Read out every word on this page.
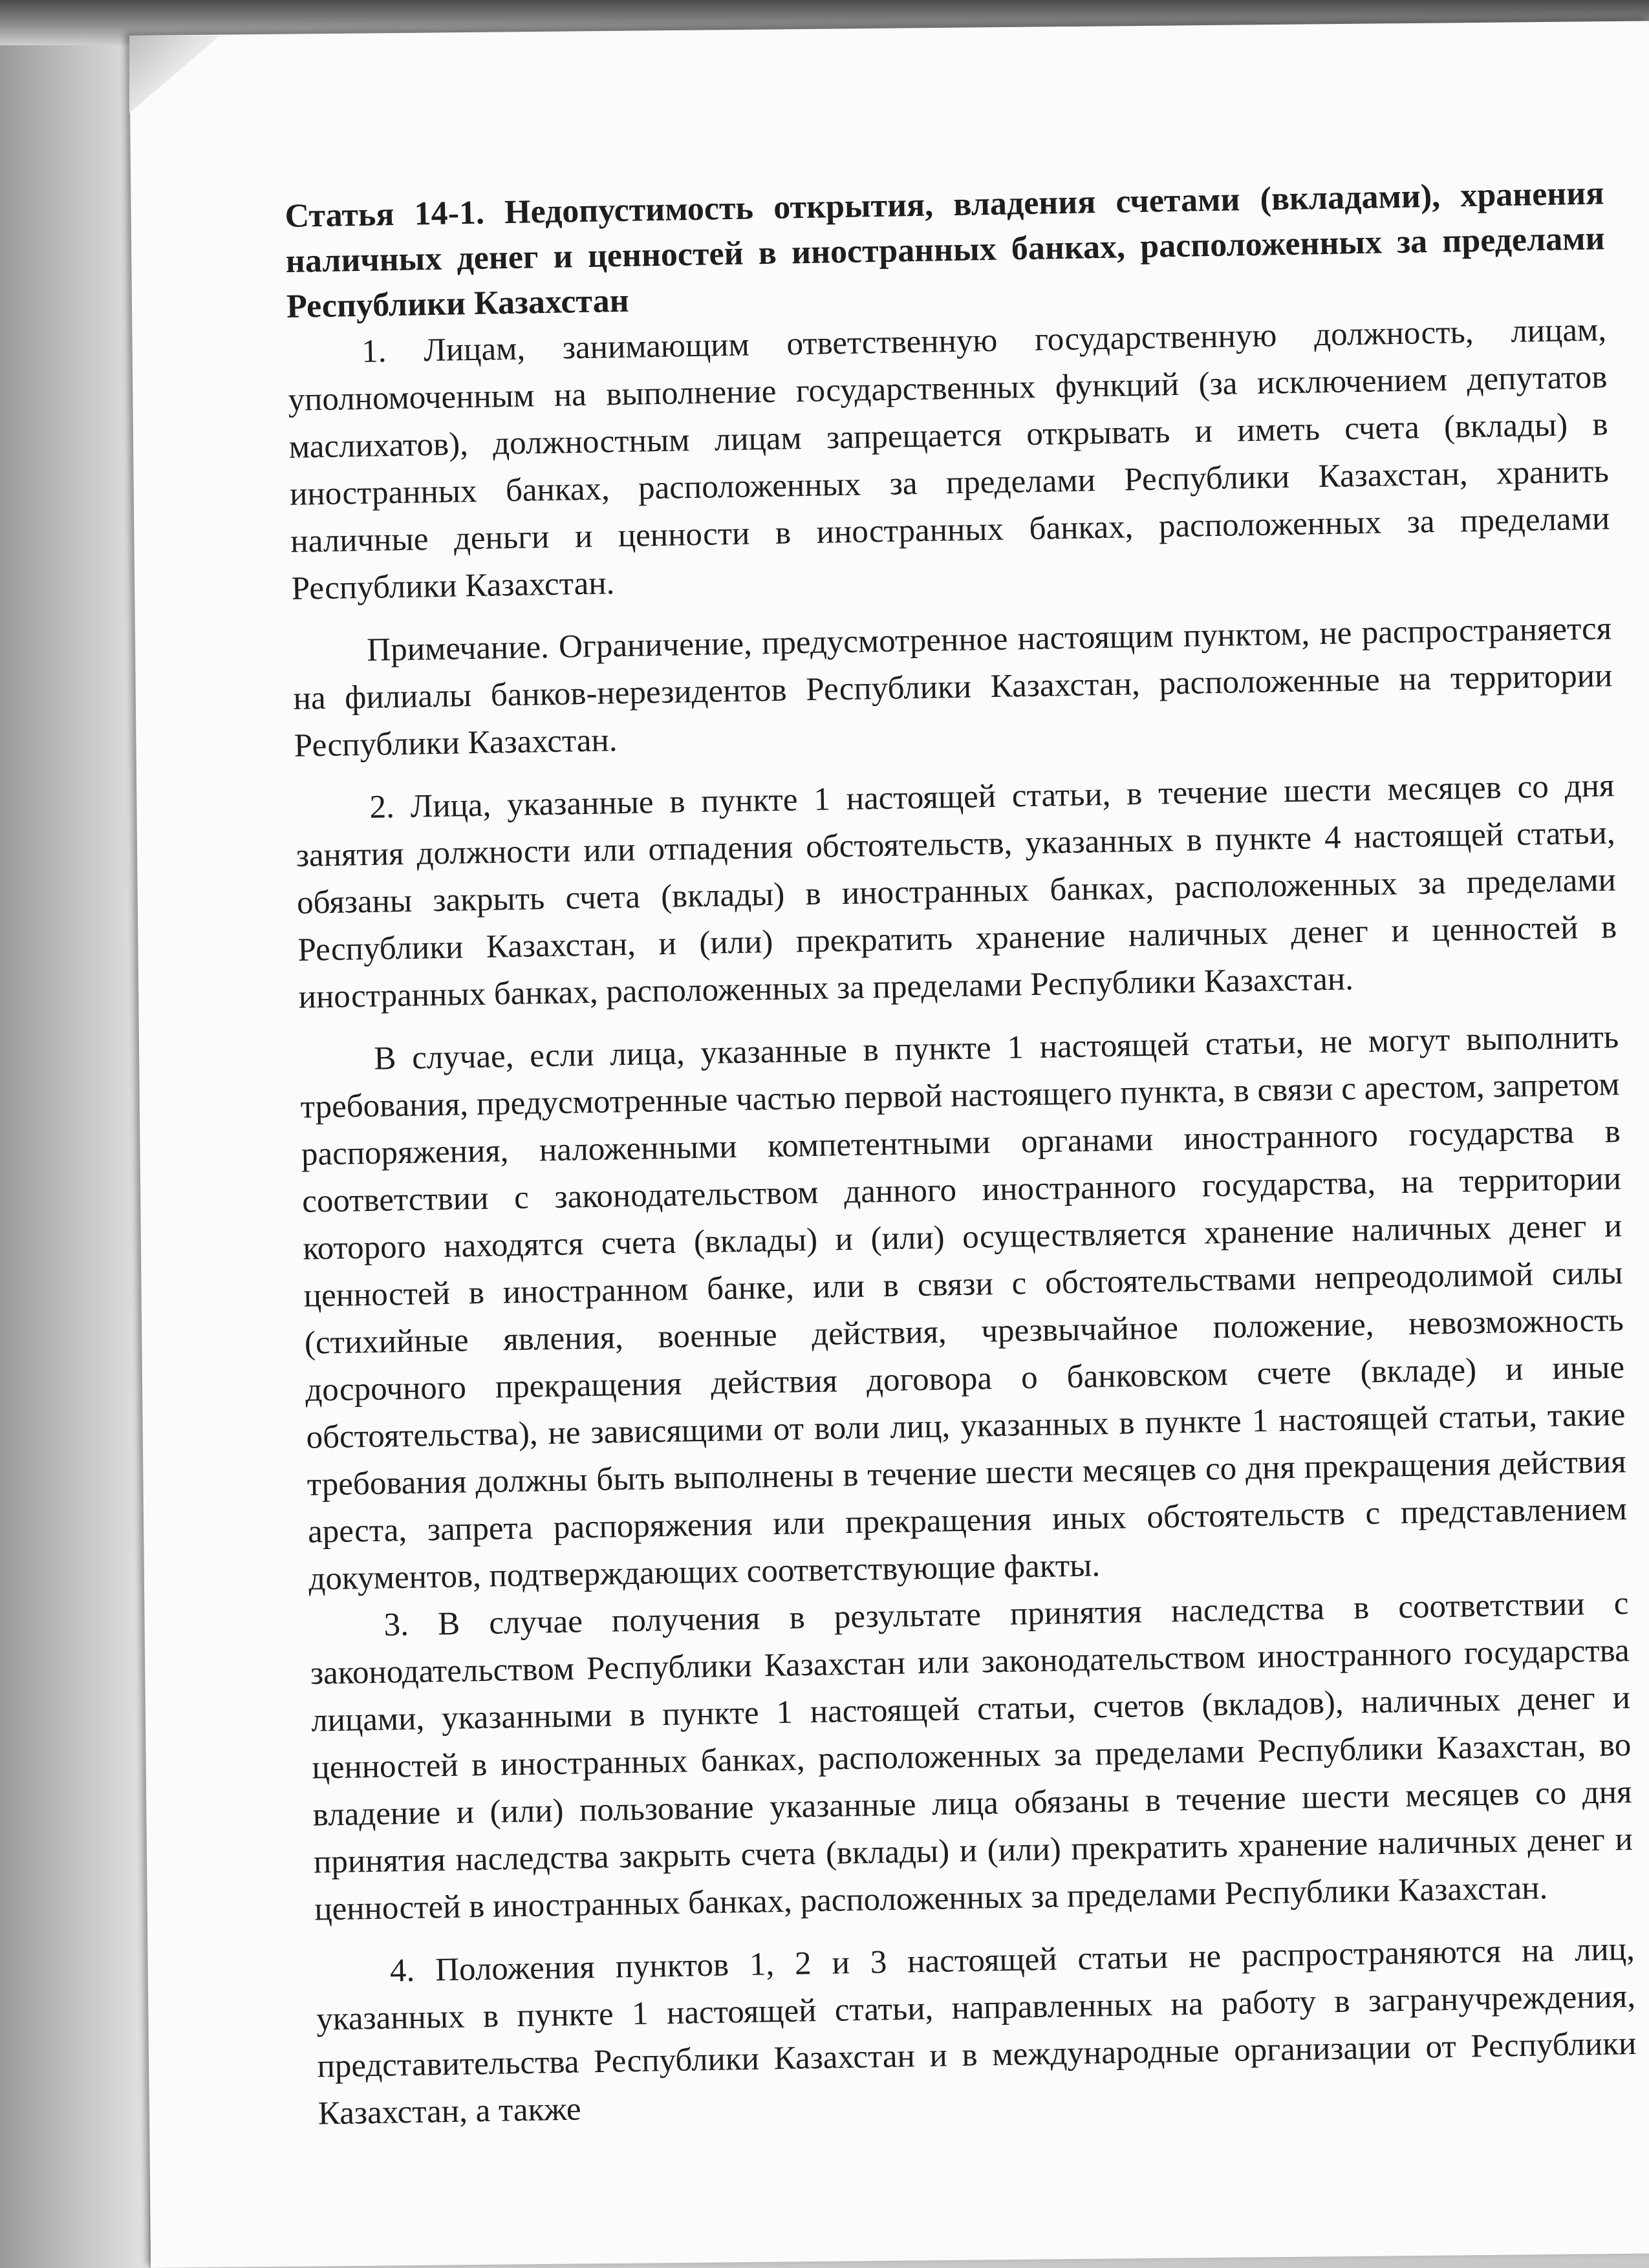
Статья 14-1. Недопустимость открытия, владения счетами (вкладами), хранения наличных денег и ценностей в иностранных банках, расположенных за пределами Республики Казахстан

1. Лицам, занимающим ответственную государственную должность, лицам, уполномоченным на выполнение государственных функций (за исключением депутатов маслихатов), должностным лицам запрещается открывать и иметь счета (вклады) в иностранных банках, расположенных за пределами Республики Казахстан, хранить наличные деньги и ценности в иностранных банках, расположенных за пределами Республики Казахстан.

Примечание. Ограничение, предусмотренное настоящим пунктом, не распространяется на филиалы банков-нерезидентов Республики Казахстан, расположенные на территории Республики Казахстан.

2. Лица, указанные в пункте 1 настоящей статьи, в течение шести месяцев со дня занятия должности или отпадения обстоятельств, указанных в пункте 4 настоящей статьи, обязаны закрыть счета (вклады) в иностранных банках, расположенных за пределами Республики Казахстан, и (или) прекратить хранение наличных денег и ценностей в иностранных банках, расположенных за пределами Республики Казахстан.

В случае, если лица, указанные в пункте 1 настоящей статьи, не могут выполнить требования, предусмотренные частью первой настоящего пункта, в связи с арестом, запретом распоряжения, наложенными компетентными органами иностранного государства в соответствии с законодательством данного иностранного государства, на территории которого находятся счета (вклады) и (или) осуществляется хранение наличных денег и ценностей в иностранном банке, или в связи с обстоятельствами непреодолимой силы (стихийные явления, военные действия, чрезвычайное положение, невозможность досрочного прекращения действия договора о банковском счете (вкладе) и иные обстоятельства), не зависящими от воли лиц, указанных в пункте 1 настоящей статьи, такие требования должны быть выполнены в течение шести месяцев со дня прекращения действия ареста, запрета распоряжения или прекращения иных обстоятельств с представлением документов, подтверждающих соответствующие факты.

3. В случае получения в результате принятия наследства в соответствии с законодательством Республики Казахстан или законодательством иностранного государства лицами, указанными в пункте 1 настоящей статьи, счетов (вкладов), наличных денег и ценностей в иностранных банках, расположенных за пределами Республики Казахстан, во владение и (или) пользование указанные лица обязаны в течение шести месяцев со дня принятия наследства закрыть счета (вклады) и (или) прекратить хранение наличных денег и ценностей в иностранных банках, расположенных за пределами Республики Казахстан.

4. Положения пунктов 1, 2 и 3 настоящей статьи не распространяются на лиц, указанных в пункте 1 настоящей статьи, направленных на работу в загранучреждения, представительства Республики Казахстан и в международные организации от Республики Казахстан, а также
